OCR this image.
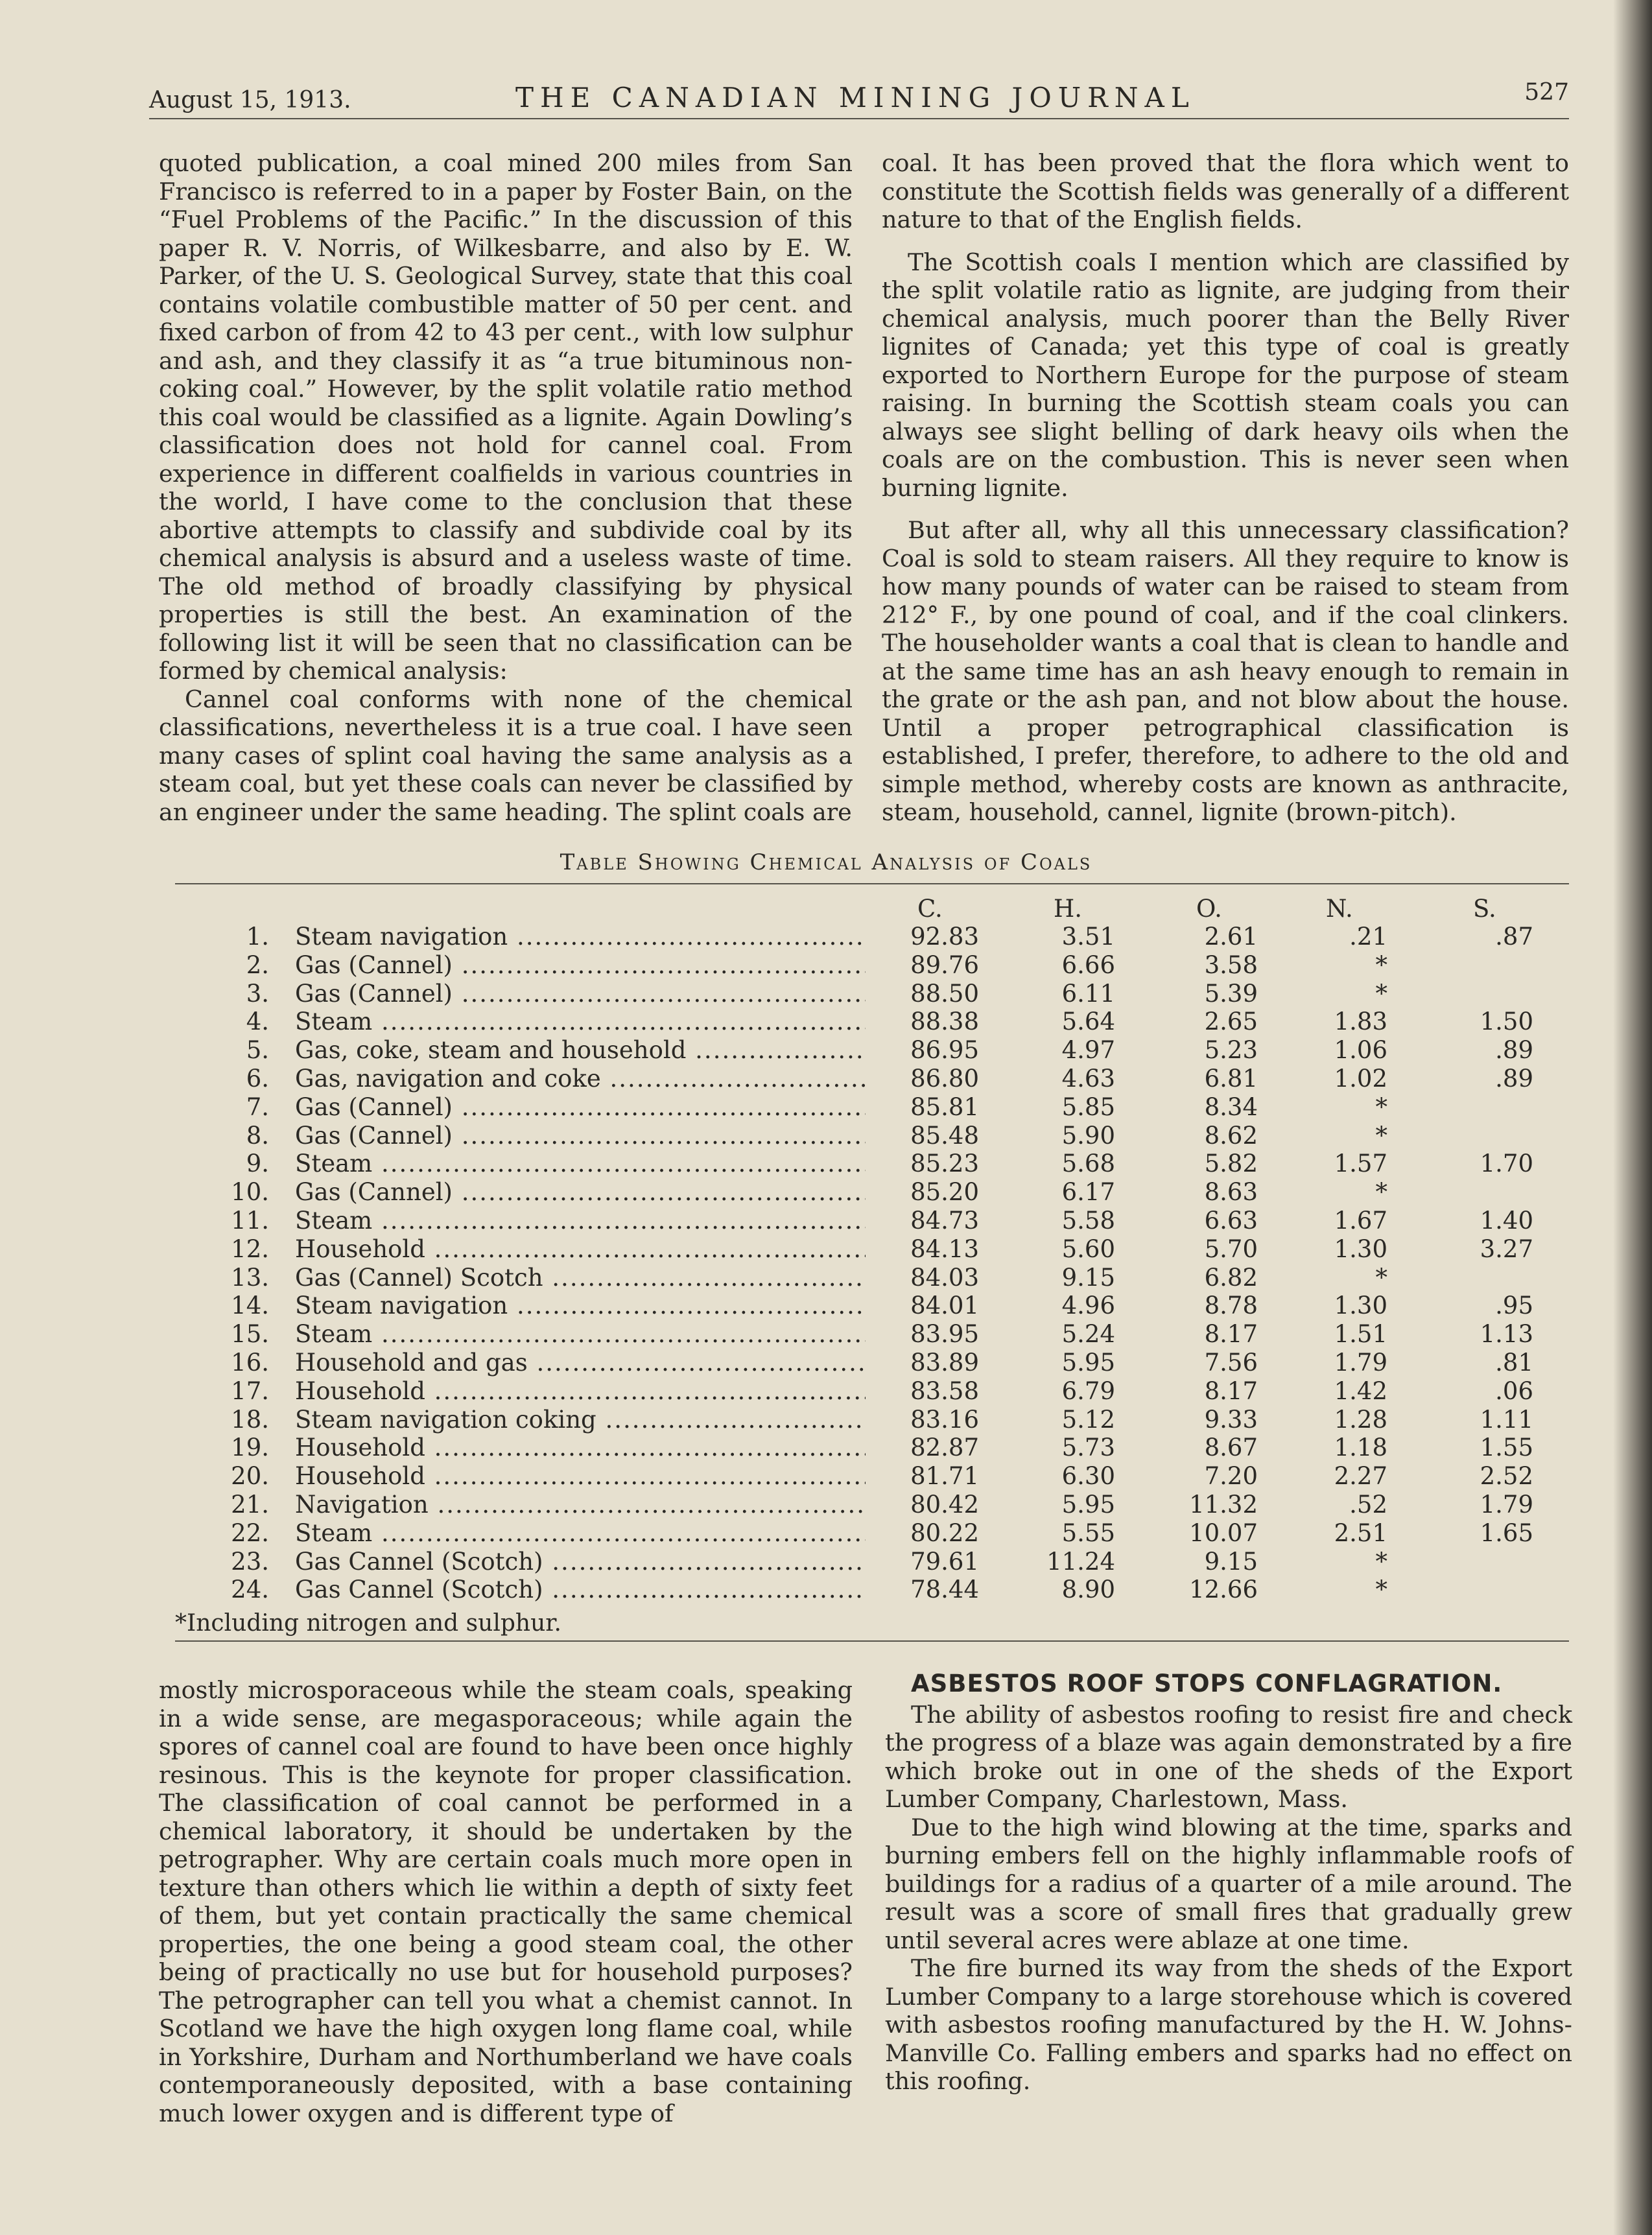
August 15, 1913.	THE CANADIAN MINING JOURNAL	527

quoted publication, a coal mined 200 miles from San Francisco is referred to in a paper by Foster Bain, on the “Fuel Problems of the Pacific.” In the discussion of this paper R. V. Norris, of Wilkesbarre, and also by E. W. Parker, of the U. S. Geological Survey, state that this coal contains volatile combustible matter of 50 per cent. and fixed carbon of from 42 to 43 per cent., with low sulphur and ash, and they classify it as “a true bituminous non-coking coal.” However, by the split volatile ratio method this coal would be classified as a lignite. Again Dowling’s classification does not hold for cannel coal. From experience in different coalfields in various countries in the world, I have come to the conclusion that these abortive attempts to classify and subdivide coal by its chemical analysis is absurd and a useless waste of time. The old method of broadly classifying by physical properties is still the best. An examination of the following list it will be seen that no classification can be formed by chemical analysis:

Cannel coal conforms with none of the chemical classifications, nevertheless it is a true coal. I have seen many cases of splint coal having the same analysis as a steam coal, but yet these coals can never be classified by an engineer under the same heading. The splint coals are

coal. It has been proved that the flora which went to constitute the Scottish fields was generally of a different nature to that of the English fields.

The Scottish coals I mention which are classified by the split volatile ratio as lignite, are judging from their chemical analysis, much poorer than the Belly River lignites of Canada; yet this type of coal is greatly exported to Northern Europe for the purpose of steam raising. In burning the Scottish steam coals you can always see slight belling of dark heavy oils when the coals are on the combustion. This is never seen when burning lignite.

But after all, why all this unnecessary classification? Coal is sold to steam raisers. All they require to know is how many pounds of water can be raised to steam from 212° F., by one pound of coal, and if the coal clinkers. The householder wants a coal that is clean to handle and at the same time has an ash heavy enough to remain in the grate or the ash pan, and not blow about the house. Until a proper petrographical classification is established, I prefer, therefore, to adhere to the old and simple method, whereby costs are known as anthracite, steam, household, cannel, lignite (brown-pitch).

Table Showing Chemical Analysis of Coals
C.	H.	O.	N.	S.
1. Steam navigation .....	92.83	3.51	2.61	.21	.87
2. Gas (Cannel) .....	89.76	6.66	3.58	*
3. Gas (Cannel) .....	88.50	6.11	5.39	*
4. Steam .....	88.38	5.64	2.65	1.83	1.50
5. Gas, coke, steam and household .....	86.95	4.97	5.23	1.06	.89
6. Gas, navigation and coke .....	86.80	4.63	6.81	1.02	.89
7. Gas (Cannel) .....	85.81	5.85	8.34	*
8. Gas (Cannel) .....	85.48	5.90	8.62	*
9. Steam .....	85.23	5.68	5.82	1.57	1.70
10. Gas (Cannel) .....	85.20	6.17	8.63	*
11. Steam .....	84.73	5.58	6.63	1.67	1.40
12. Household .....	84.13	5.60	5.70	1.30	3.27
13. Gas (Cannel) Scotch .....	84.03	9.15	6.82	*
14. Steam navigation .....	84.01	4.96	8.78	1.30	.95
15. Steam .....	83.95	5.24	8.17	1.51	1.13
16. Household and gas .....	83.89	5.95	7.56	1.79	.81
17. Household .....	83.58	6.79	8.17	1.42	.06
18. Steam navigation coking .....	83.16	5.12	9.33	1.28	1.11
19. Household .....	82.87	5.73	8.67	1.18	1.55
20. Household .....	81.71	6.30	7.20	2.27	2.52
21. Navigation .....	80.42	5.95	11.32	.52	1.79
22. Steam .....	80.22	5.55	10.07	2.51	1.65
23. Gas Cannel (Scotch) .....	79.61	11.24	9.15	*
24. Gas Cannel (Scotch) .....	78.44	8.90	12.66	*
*Including nitrogen and sulphur.

mostly microsporaceous while the steam coals, speaking in a wide sense, are megasporaceous; while again the spores of cannel coal are found to have been once highly resinous. This is the keynote for proper classification. The classification of coal cannot be performed in a chemical laboratory, it should be undertaken by the petrographer. Why are certain coals much more open in texture than others which lie within a depth of sixty feet of them, but yet contain practically the same chemical properties, the one being a good steam coal, the other being of practically no use but for household purposes? The petrographer can tell you what a chemist cannot. In Scotland we have the high oxygen long flame coal, while in Yorkshire, Durham and Northumberland we have coals contemporaneously deposited, with a base containing much lower oxygen and is different type of

ASBESTOS ROOF STOPS CONFLAGRATION.

The ability of asbestos roofing to resist fire and check the progress of a blaze was again demonstrated by a fire which broke out in one of the sheds of the Export Lumber Company, Charlestown, Mass.

Due to the high wind blowing at the time, sparks and burning embers fell on the highly inflammable roofs of buildings for a radius of a quarter of a mile around. The result was a score of small fires that gradually grew until several acres were ablaze at one time.

The fire burned its way from the sheds of the Export Lumber Company to a large storehouse which is covered with asbestos roofing manufactured by the H. W. Johns-Manville Co. Falling embers and sparks had no effect on this roofing.
